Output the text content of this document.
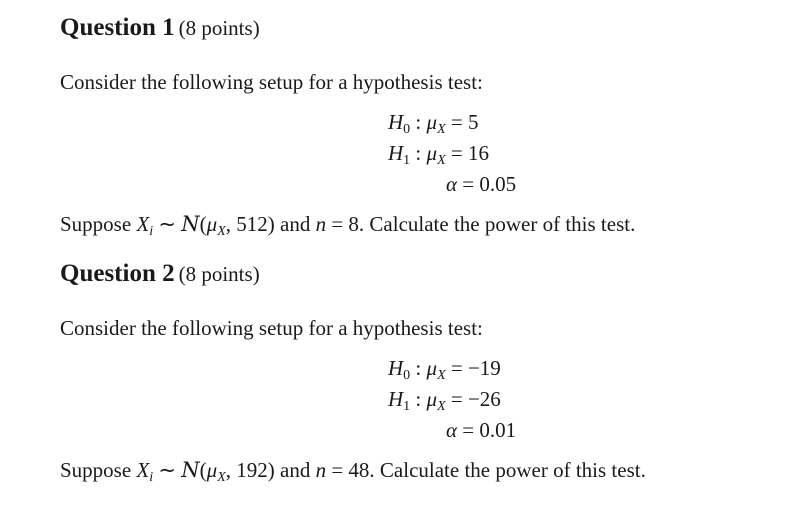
Question 1 (8 points)
Consider the following setup for a hypothesis test:
$H_0$ : $\mu_X = 5$
$H_1$ : $\mu_X = 16$
α = 0.05
Suppose $X_i$ ∼ $N(\mu_X$, 512) and n = 8. Calculate the power of this test.
Question 2 (8 points)
Consider the following setup for a hypothesis test:
$H_0$ : $\mu_X = -19$
$H_1$ : $\mu_X = -26$
α = 0.01
Suppose $X_i$ ∼ $N(\mu_X$, 192) and n = 48. Calculate the power of this test.
